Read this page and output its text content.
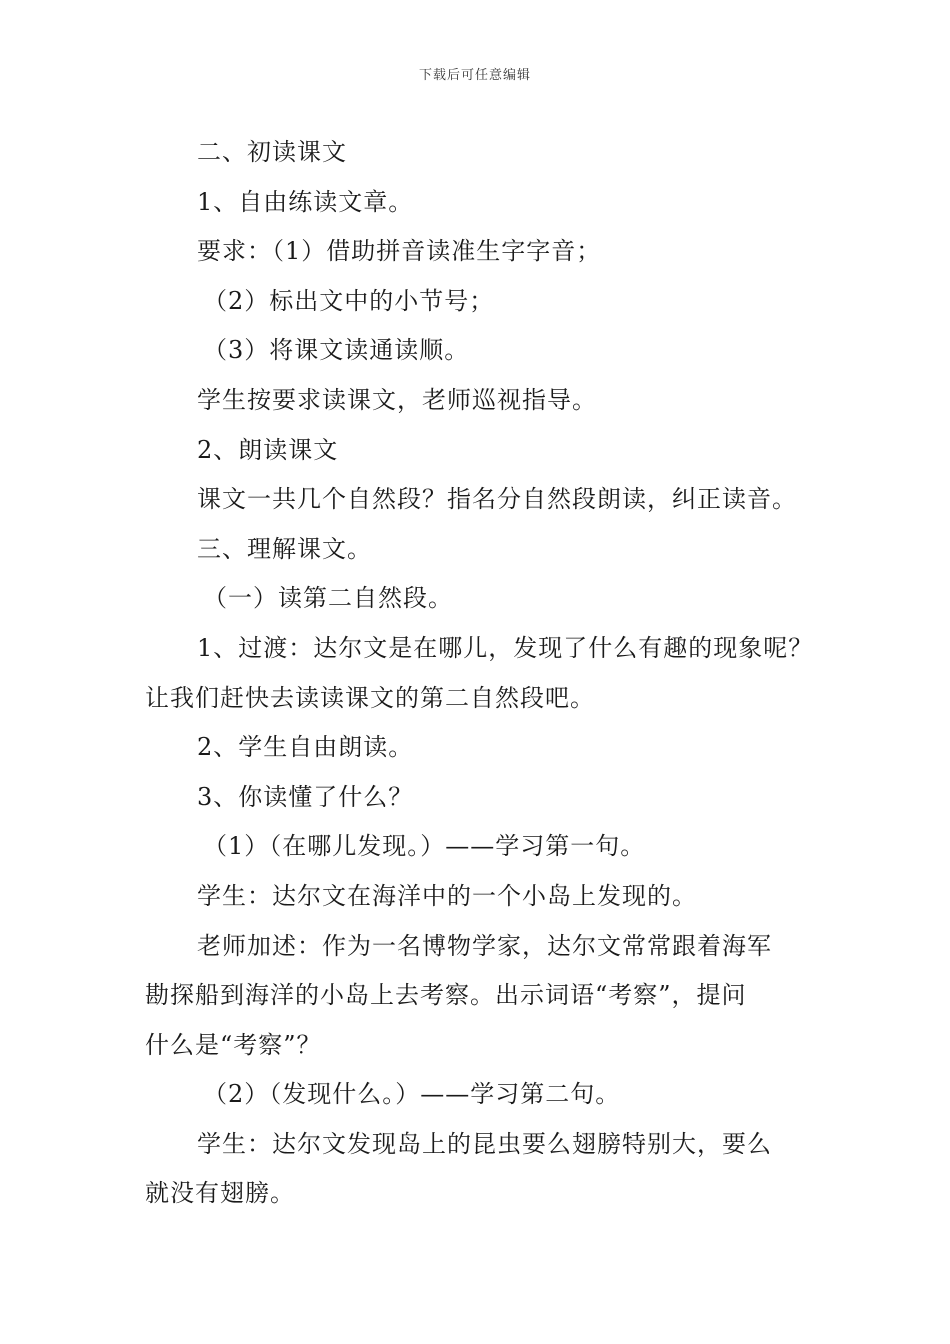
下载后可任意编辑
二、初读课文
1、自由练读文章。
要求：（1）借助拼音读准生字字音；
（2）标出文中的小节号；
（3）将课文读通读顺。
学生按要求读课文，老师巡视指导。
2、朗读课文
课文一共几个自然段？指名分自然段朗读，纠正读音。
三、理解课文。
（一）读第二自然段。
1、过渡：达尔文是在哪儿，发现了什么有趣的现象呢？
让我们赶快去读读课文的第二自然段吧。
2、学生自由朗读。
3、你读懂了什么？
（1）（在哪儿发现。）——学习第一句。
学生：达尔文在海洋中的一个小岛上发现的。
老师加述：作为一名博物学家，达尔文常常跟着海军
勘探船到海洋的小岛上去考察。出示词语“考察”，提问
什么是“考察”？
（2）（发现什么。）——学习第二句。
学生：达尔文发现岛上的昆虫要么翅膀特别大，要么
就没有翅膀。
